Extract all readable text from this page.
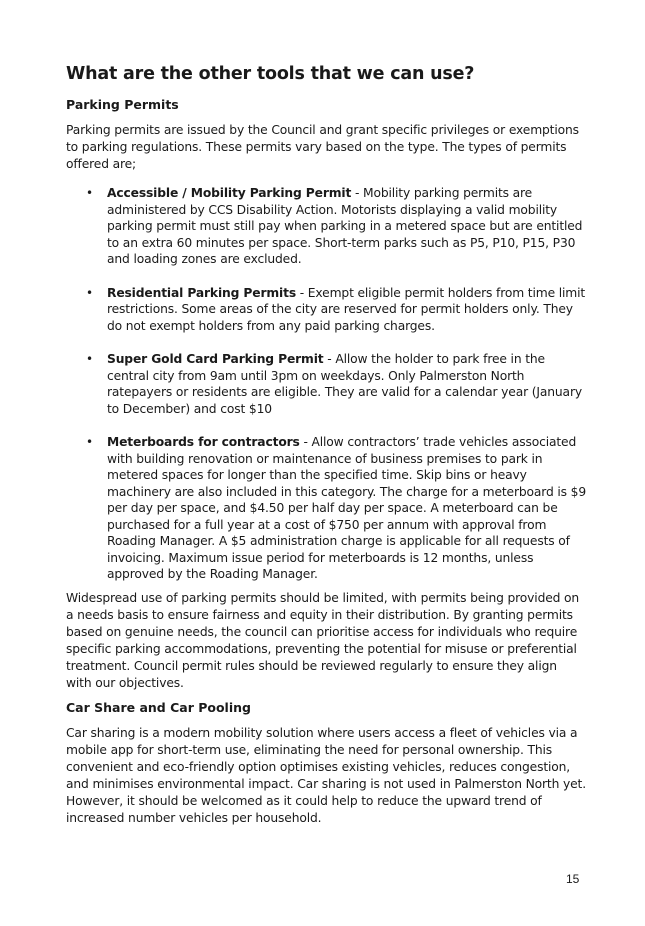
What are the other tools that we can use?
Parking Permits

Parking permits are issued by the Council and grant specific privileges or exemptions to parking regulations. These permits vary based on the type. The types of permits offered are;

• Accessible / Mobility Parking Permit - Mobility parking permits are administered by CCS Disability Action. Motorists displaying a valid mobility parking permit must still pay when parking in a metered space but are entitled to an extra 60 minutes per space. Short-term parks such as P5, P10, P15, P30 and loading zones are excluded.
• Residential Parking Permits - Exempt eligible permit holders from time limit restrictions. Some areas of the city are reserved for permit holders only. They do not exempt holders from any paid parking charges.
• Super Gold Card Parking Permit - Allow the holder to park free in the central city from 9am until 3pm on weekdays. Only Palmerston North ratepayers or residents are eligible. They are valid for a calendar year (January to December) and cost $10
• Meterboards for contractors - Allow contractors’ trade vehicles associated with building renovation or maintenance of business premises to park in metered spaces for longer than the specified time. Skip bins or heavy machinery are also included in this category. The charge for a meterboard is $9 per day per space, and $4.50 per half day per space. A meterboard can be purchased for a full year at a cost of $750 per annum with approval from Roading Manager. A $5 administration charge is applicable for all requests of invoicing. Maximum issue period for meterboards is 12 months, unless approved by the Roading Manager.

Widespread use of parking permits should be limited, with permits being provided on a needs basis to ensure fairness and equity in their distribution. By granting permits based on genuine needs, the council can prioritise access for individuals who require specific parking accommodations, preventing the potential for misuse or preferential treatment. Council permit rules should be reviewed regularly to ensure they align with our objectives.

Car Share and Car Pooling

Car sharing is a modern mobility solution where users access a fleet of vehicles via a mobile app for short-term use, eliminating the need for personal ownership. This convenient and eco-friendly option optimises existing vehicles, reduces congestion, and minimises environmental impact. Car sharing is not used in Palmerston North yet. However, it should be welcomed as it could help to reduce the upward trend of increased number vehicles per household.

15
